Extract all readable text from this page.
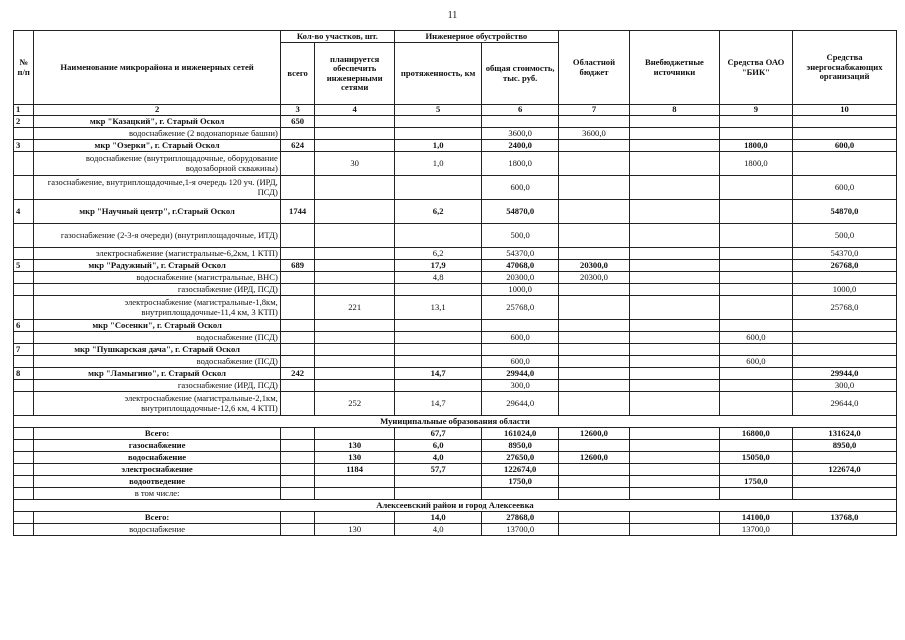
11
№ п/п	Наименование микрорайона и инженерных сетей	Кол-во участков, шт.		Инженерное обустройство		Областной бюджет	Внебюджетные источники	Средства ОАО "БИК"	Средства энергоснабжающих организаций
		всего	планируется обеспечить инженерными сетями	протяженность, км	общая стоимость, тыс. руб.				
1	2	3	4	5	6	7	8	9	10
2	мкр "Казацкий", г. Старый Оскол	650							
	водоснабжение (2 водонапорные башни)				3600,0	3600,0			
3	мкр "Озерки", г. Старый Оскол	624		1,0	2400,0			1800,0	600,0
	водоснабжение (внутриплощадочные, оборудование водозаборной скважины)		30	1,0	1800,0			1800,0	
	газоснабжение, внутриплощадочные,1-я очередь 120 уч. (ИРД, ПСД)				600,0				600,0
4	мкр "Научный центр", г.Старый Оскол	1744		6,2	54870,0				54870,0
	газоснабжение (2-3-я очереди) (внутриплощадочные, ИТД)				500,0				500,0
	электроснабжение (магистральные-6,2км, 1 КТП)			6,2	54370,0				54370,0
5	мкр "Радужный", г. Старый Оскол	689		17,9	47068,0	20300,0			26768,0
	водоснабжение (магистральные, ВНС)			4,8	20300,0	20300,0			
	газоснабжение (ИРД, ПСД)				1000,0				1000,0
	электроснабжение (магистральные-1,8км, внутриплощадочные-11,4 км, 3 КТП)		221	13,1	25768,0				25768,0
6	мкр "Сосенки", г. Старый Оскол								
	водоснабжение (ПСД)				600,0			600,0	
7	мкр "Пушкарская дача", г. Старый Оскол								
	водоснабжение (ПСД)				600,0			600,0	
8	мкр "Ламыгино", г. Старый Оскол	242		14,7	29944,0				29944,0
	газоснабжение (ИРД, ПСД)				300,0				300,0
	электроснабжение (магистральные-2,1км, внутриплощадочные-12,6 км, 4 КТП)		252	14,7	29644,0				29644,0
Муниципальные образования области									
	Всего:			67,7	161024,0	12600,0		16800,0	131624,0
	газоснабжение		130	6,0	8950,0				8950,0
	водоснабжение		130	4,0	27650,0	12600,0		15050,0	
	электроснабжение		1184	57,7	122674,0				122674,0
	водоотведение				1750,0			1750,0	
	в том числе:								
Алексеевский район и город Алексеевка									
	Всего:			14,0	27868,0			14100,0	13768,0
	водоснабжение		130	4,0	13700,0			13700,0	
